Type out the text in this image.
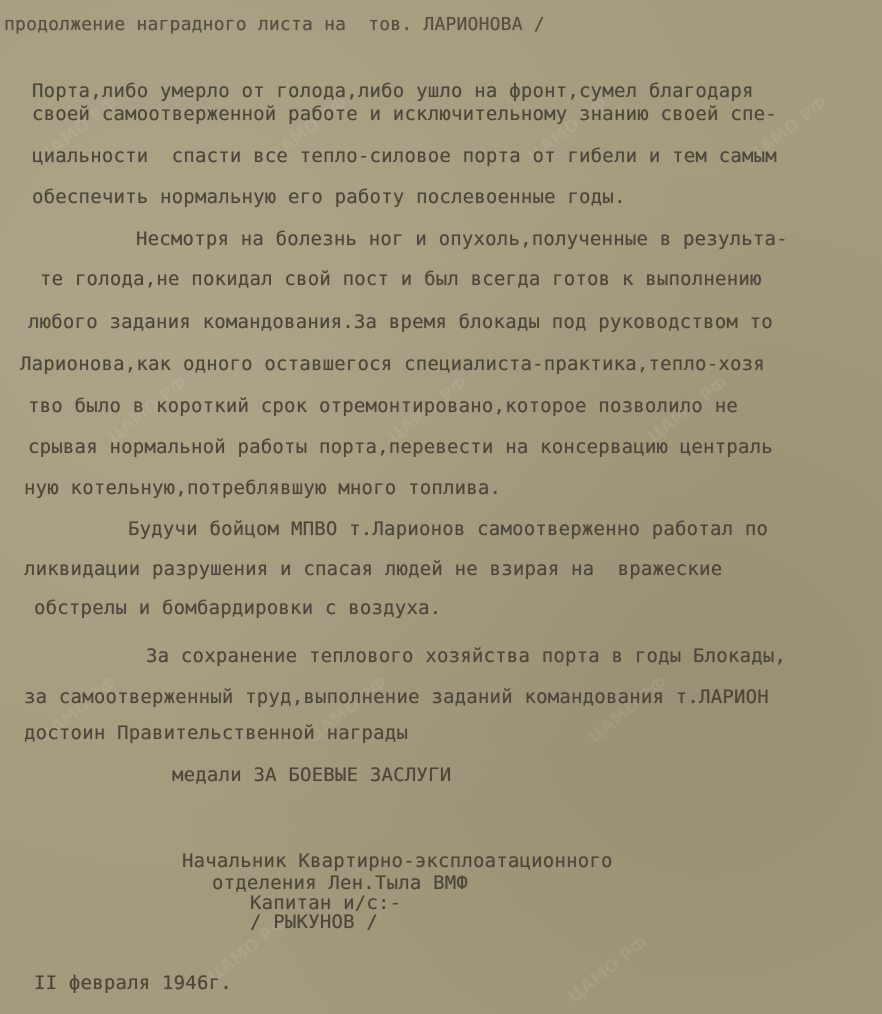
ЦАМО РФ	ЦАМО РФ	ЦАМО РФ	ЦАМО РФ
ЦАМО РФ	ЦАМО РФ	ЦАМО РФ
ЦАМО РФ	ЦАМО РФ	ЦАМО РФ
ЦАМО РФ	ЦАМО РФ
продолжение наградного листа на  тов. ЛАРИОНОВА /
Порта,либо умерло от голода,либо ушло на фронт,сумел благодаря
своей самоотверженной работе и исключительному знанию своей спе-
циальности  спасти все тепло-силовое порта от гибели и тем самым
обеспечить нормальную его работу послевоенные годы.
Несмотря на болезнь ног и опухоль,полученные в результа-
те голода,не покидал свой пост и был всегда готов к выполнению
любого задания командования.За время блокады под руководством то
Ларионова,как одного оставшегося специалиста-практика,тепло-хозя
тво было в короткий срок отремонтировано,которое позволило не
срывая нормальной работы порта,перевести на консервацию централь
ную котельную,потреблявшую много топлива.
Будучи бойцом МПВО т.Ларионов самоотверженно работал по
ликвидации разрушения и спасая людей не взирая на  вражеские
обстрелы и бомбардировки с воздуха.
За сохранение теплового хозяйства порта в годы Блокады,
за самоотверженный труд,выполнение заданий командования т.ЛАРИОН
достоин Правительственной награды
медали ЗА БОЕВЫЕ ЗАСЛУГИ
Начальник Квартирно-эксплоатационного
отделения Лен.Тыла ВМФ
Капитан и/с:-
/ РЫКУНОВ /
II февраля 1946г.
